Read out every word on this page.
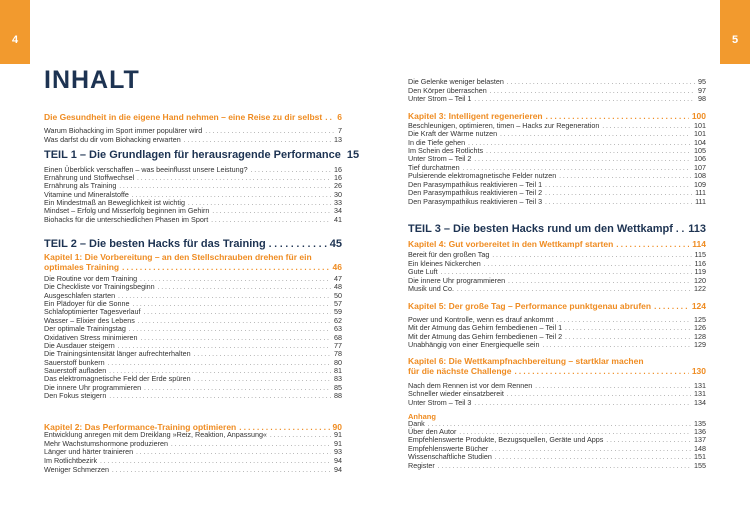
4	5
INHALT
Die Gesundheit in die eigene Hand nehmen – eine Reise zu dir selbst . . . 6
Warum Biohacking im Sport immer populärer wird . . .	7
Was darfst du dir vom Biohacking erwarten . . .	13
TEIL 1 – Die Grundlagen für herausragende Performance 15
Einen Überblick verschaffen – was beeinflusst unsere Leistung? . . .	16
Ernährung und Stoffwechsel . . .	16
Ernährung als Training . . .	26
Vitamine und Mineralstoffe . . .	30
Ein Mindestmaß an Beweglichkeit ist wichtig . . .	33
Mindset – Erfolg und Misserfolg beginnen im Gehirn . . .	34
Biohacks für die unterschiedlichen Phasen im Sport . . .	41
TEIL 2 – Die besten Hacks für das Training . . .	45
Kapitel 1: Die Vorbereitung – an den Stellschrauben drehen für ein
optimales Training . . .	46
Die Routine vor dem Training . . .	47
Die Checkliste vor Trainingsbeginn . . .	48
Ausgeschlafen starten . . .	50
Ein Plädoyer für die Sonne . . .	57
Schlafoptimierter Tagesverlauf . . .	59
Wasser – Elixier des Lebens . . .	62
Der optimale Trainingstag . . .	63
Oxidativen Stress minimieren . . .	68
Die Ausdauer steigern . . .	77
Die Trainingsintensität länger aufrechterhalten . . .	78
Sauerstoff bunkern . . .	80
Sauerstoff aufladen . . .	81
Das elektromagnetische Feld der Erde spüren . . .	83
Die innere Uhr programmieren . . .	85
Den Fokus steigern . . .	88
Kapitel 2: Das Performance-Training optimieren . . .	90
Entwicklung anregen mit dem Dreiklang »Reiz, Reaktion, Anpassung« . . .	91
Mehr Wachstumshormone produzieren . . .	91
Länger und härter trainieren . . .	93
Im Rotlichtbezirk . . .	94
Weniger Schmerzen . . .	94
Die Gelenke weniger belasten . . .	95
Den Körper überraschen . . .	97
Unter Strom – Teil 1 . . .	98
Kapitel 3: Intelligent regenerieren . . .	100
Beschleunigen, optimieren, timen – Hacks zur Regeneration . . .	101
Die Kraft der Wärme nutzen . . .	101
In die Tiefe gehen . . .	104
Im Schein des Rotlichts . . .	105
Unter Strom – Teil 2 . . .	106
Tief durchatmen . . .	107
Pulsierende elektromagnetische Felder nutzen . . .	108
Den Parasympathikus reaktivieren – Teil 1 . . .	109
Den Parasympathikus reaktivieren – Teil 2 . . .	111
Den Parasympathikus reaktivieren – Teil 3 . . .	111
TEIL 3 – Die besten Hacks rund um den Wettkampf . . . 113
Kapitel 4: Gut vorbereitet in den Wettkampf starten . . .	114
Bereit für den großen Tag . . .	115
Ein kleines Nickerchen . . .	116
Gute Luft . . .	119
Die innere Uhr programmieren . . .	120
Musik und Co. . . .	122
Kapitel 5: Der große Tag – Performance punktgenau abrufen . . .	124
Power und Kontrolle, wenn es drauf ankommt . . .	125
Mit der Atmung das Gehirn fernbedienen – Teil 1 . . .	126
Mit der Atmung das Gehirn fernbedienen – Teil 2 . . .	128
Unabhängig von einer Energiequelle sein . . .	129
Kapitel 6: Die Wettkampfnachbereitung – startklar machen
für die nächste Challenge . . .	130
Nach dem Rennen ist vor dem Rennen . . .	131
Schneller wieder einsatzbereit . . .	131
Unter Strom – Teil 3 . . .	134
Anhang
Dank . . .	135
Über den Autor . . .	136
Empfehlenswerte Produkte, Bezugsquellen, Geräte und Apps . . .	137
Empfehlenswerte Bücher . . .	148
Wissenschaftliche Studien . . .	151
Register . . .	155
